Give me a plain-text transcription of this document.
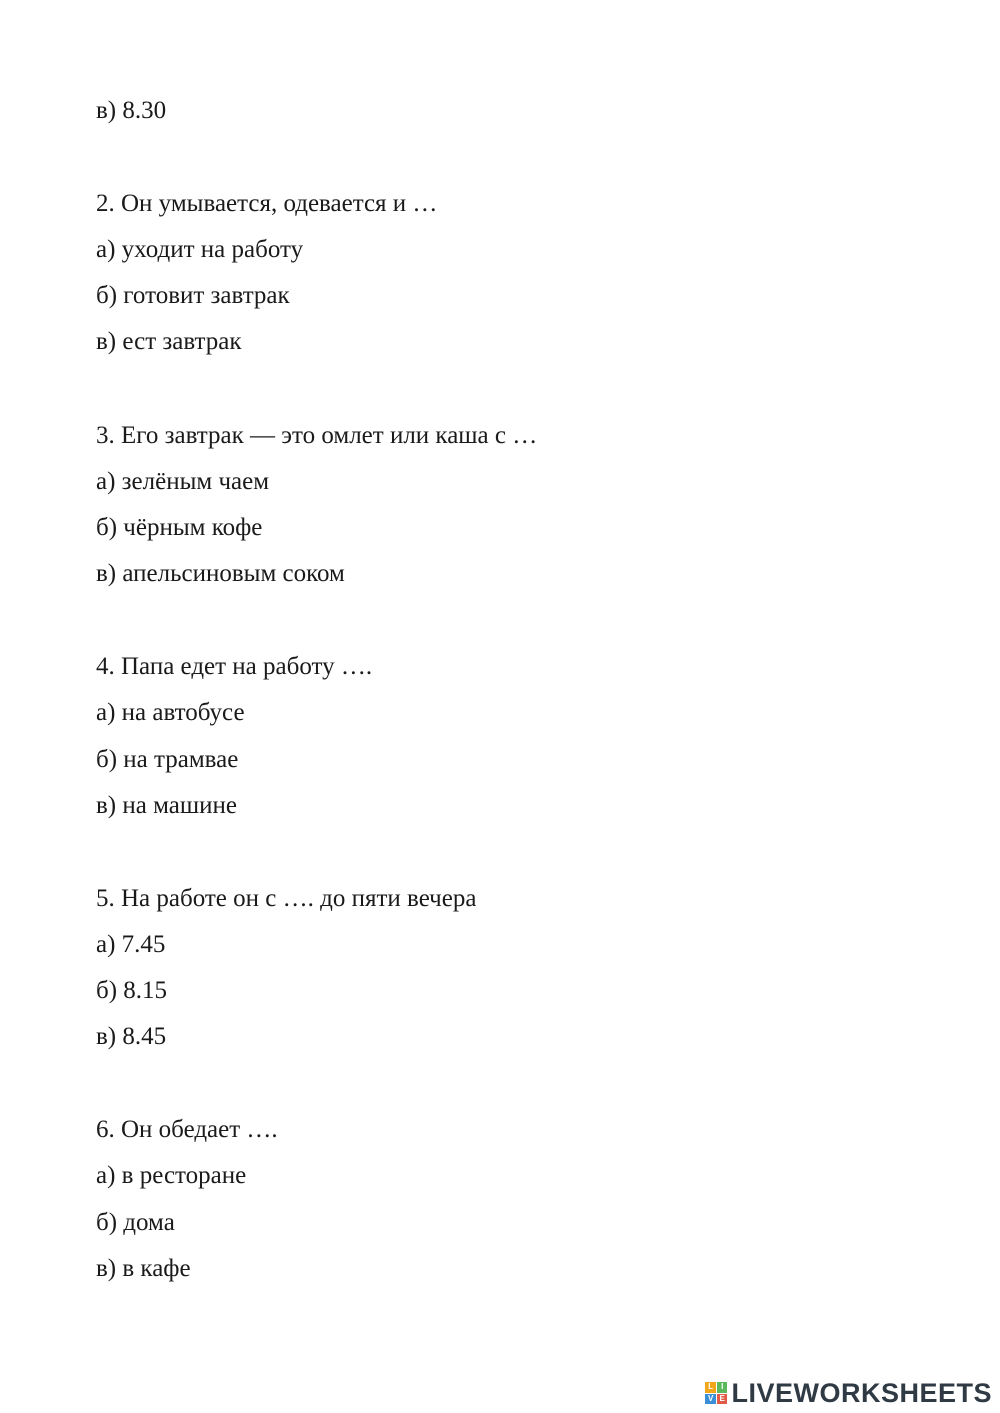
в) 8.30
2. Он умывается, одевается и …
а) уходит на работу
б) готовит завтрак
в) ест завтрак
3. Его завтрак — это омлет или каша с …
а) зелёным чаем
б) чёрным кофе
в) апельсиновым соком
4. Папа едет на работу ….
а) на автобусе
б) на трамвае
в) на машине
5. На работе он с …. до пяти вечера
а) 7.45
б) 8.15
в) 8.45
6. Он обедает ….
а) в ресторане
б) дома
в) в кафе
L I
V E LIVEWORKSHEETS
